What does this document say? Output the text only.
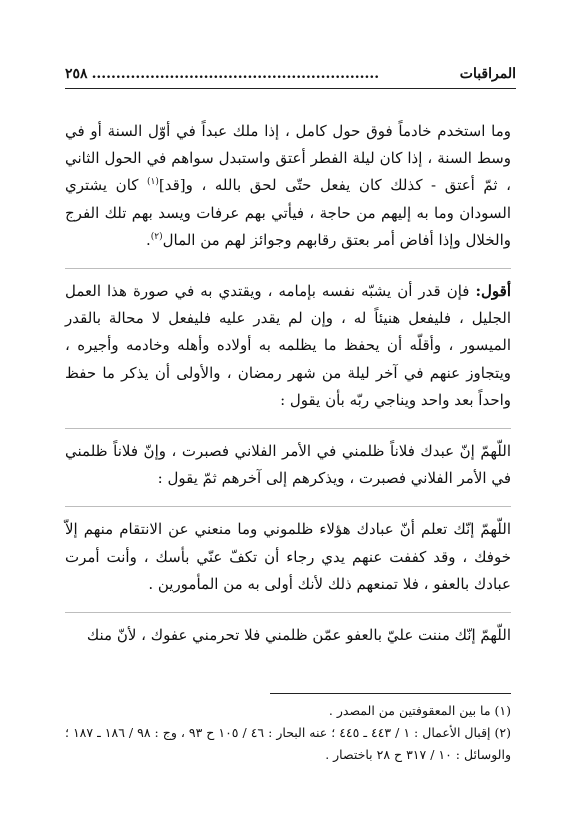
٢٥٨ ...........................................................	المراقبات
وما استخدم خادماً فوق حول كامل ، إذا ملك عبداً في أوّل السنة أو في وسط السنة ، إذا كان ليلة الفطر أعتق واستبدل سواهم في الحول الثاني ، ثمّ أعتق - كذلك كان يفعل حتّى لحق بالله ، و[قد]$^{(١)}$ كان يشتري السودان وما به إليهم من حاجة ، فيأتي بهم عرفات ويسد بهم تلك الفرج والخلال وإذا أفاض أمر بعتق رقابهم وجوائز لهم من المال$^{(٢)}$.
أقول: فإن قدر أن يشبّه نفسه بإمامه ، ويقتدي به في صورة هذا العمل الجليل ، فليفعل هنيئاً له ، وإن لم يقدر عليه فليفعل لا محالة بالقدر الميسور ، وأقلّه أن يحفظ ما يظلمه به أولاده وأهله وخادمه وأجيره ، ويتجاوز عنهم في آخر ليلة من شهر رمضان ، والأولى أن يذكر ما حفظ واحداً بعد واحد ويناجي ربّه بأن يقول :
اللّهمّ إنّ عبدك فلاناً ظلمني في الأمر الفلاني فصبرت ، وإنّ فلاناً ظلمني في الأمر الفلاني فصبرت ، ويذكرهم إلى آخرهم ثمّ يقول :
اللّهمّ إنّك تعلم أنّ عبادك هؤلاء ظلموني وما منعني عن الانتقام منهم إلاّ خوفك ، وقد كففت عنهم يدي رجاء أن تكفّ عنّي بأسك ، وأنت أمرت عبادك بالعفو ، فلا تمنعهم ذلك لأنك أولى به من المأمورين .
اللّهمّ إنّك مننت عليّ بالعفو عمّن ظلمني فلا تحرمني عفوك ، لأنّ منك

(١) ما بين المعقوفتين من المصدر .

(٢) إقبال الأعمال : ١ / ٤٤٣ ـ ٤٤٥ ؛ عنه البحار : ٤٦ / ١٠٥ ح ٩٣ ، وج : ٩٨ / ١٨٦ ـ ١٨٧ ؛ والوسائل : ١٠ / ٣١٧ ح ٢٨ باختصار .
